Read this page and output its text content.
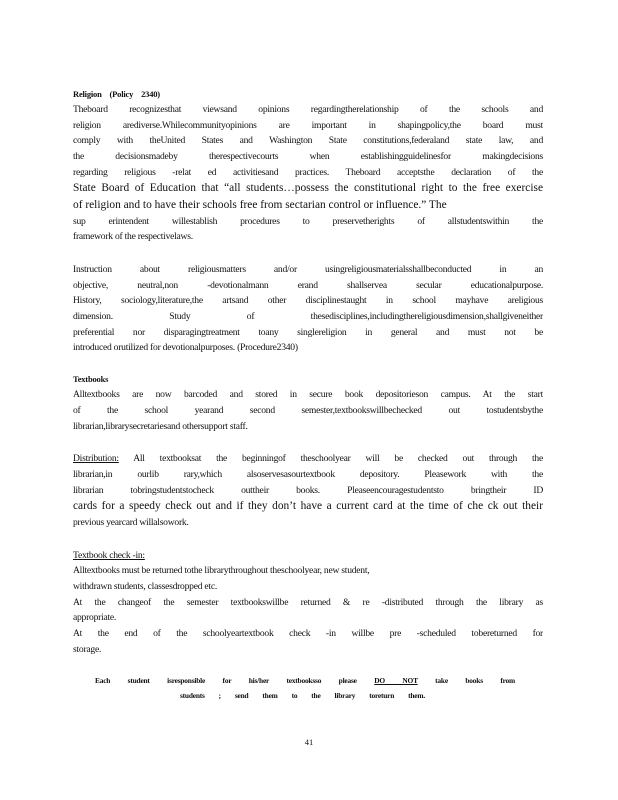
Religion (Policy 2340)
Theboard recognizesthat viewsand opinions regardingtherelationship of the schools and
religion arediverse.Whilecommunityopinions are important in shapingpolicy,the board must
comply with theUnited States and Washington State constitutions,federaland state law, and
the decisionsmadeby therespectivecourts when establishingguidelinesfor makingdecisions
regarding religious -relat ed activitiesand practices. Theboard acceptsthe declaration of the
State Board of Education that “all students…possess the constitutional right to the free exercise
of religion and to have their schools free from sectarian control or influence.” The
sup erintendent willestablish procedures to preservetherights of allstudentswithin the
framework of the respectivelaws.
Instruction about religiousmatters and/or usingreligiousmaterialsshallbeconducted in an
objective, neutral,non -devotionalmann erand shallservea secular educationalpurpose.
History, sociology,literature,the artsand other disciplinestaught in school mayhave areligious
dimension. Study of thesedisciplines,includingthereligiousdimension,shallgiveneither
preferential nor disparagingtreatment toany singlereligion in general and must not be
introduced orutilized for devotionalpurposes. (Procedure2340)
Textbooks
Alltextbooks are now barcoded and stored in secure book depositorieson campus. At the start
of the school yearand second semester,textbookswillbechecked out tostudentsbythe
librarian,librarysecretariesand othersupport staff.
Distribution: All textbooksat the beginningof theschoolyear will be checked out through the
librarian,in ourlib rary,which alsoservesasourtextbook depository. Pleasework with the
librarian tobringstudentstocheck outtheir books. Pleaseencouragestudentsto bringtheir ID
cards for a speedy check out and if they don’t have a current card at the time of che ck out their
previous yearcard willalsowork.
Textbook check -in:
Alltextbooks must be returned tothe librarythroughout theschoolyear, new student,
withdrawn students, classesdropped etc.
At the changeof the semester textbookswillbe returned & re -distributed through the library as
appropriate.
At the end of the schoolyeartextbook check -in willbe pre -scheduled tobereturned for
storage.
Each student isresponsible for his/her textbooksso please DO NOT take books from
students ; send them to the library toreturn them.
41
